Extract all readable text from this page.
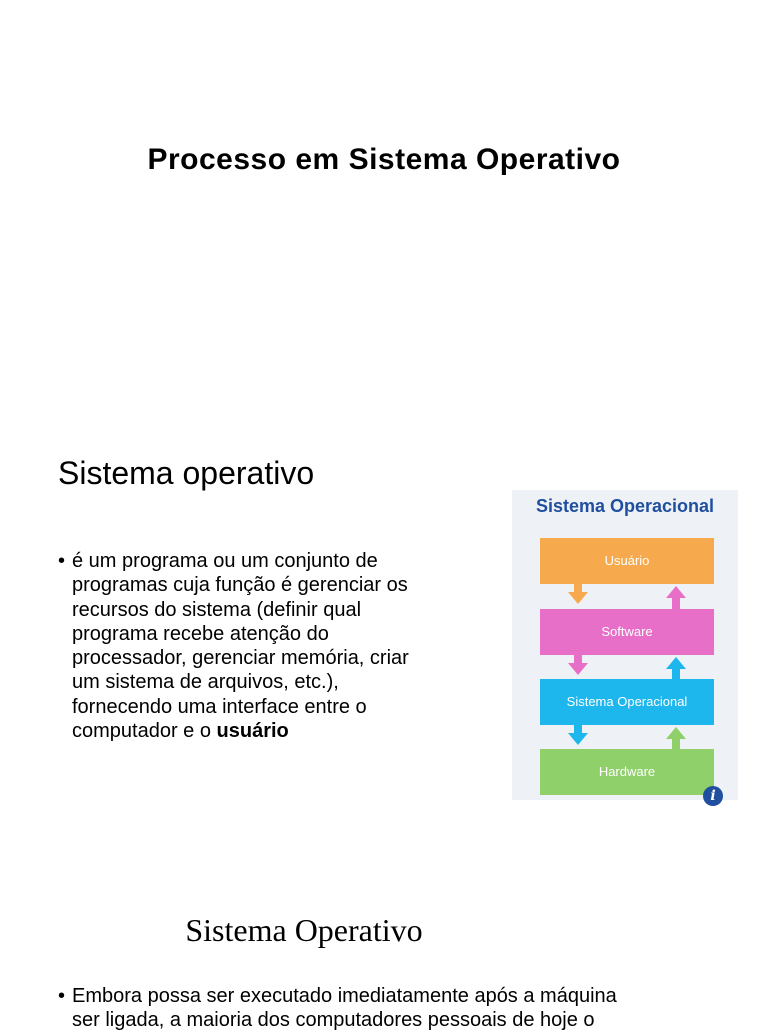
Processo em Sistema Operativo
Sistema operativo
• é um programa ou um conjunto de programas cuja função é gerenciar os recursos do sistema (definir qual programa recebe atenção do processador, gerenciar memória, criar um sistema de arquivos, etc.), fornecendo uma interface entre o computador e o usuário
Sistema Operacional
Usuário
Software
Sistema Operacional
Hardware
i
Sistema Operativo
• Embora possa ser executado imediatamente após a máquina
ser ligada, a maioria dos computadores pessoais de hoje o
